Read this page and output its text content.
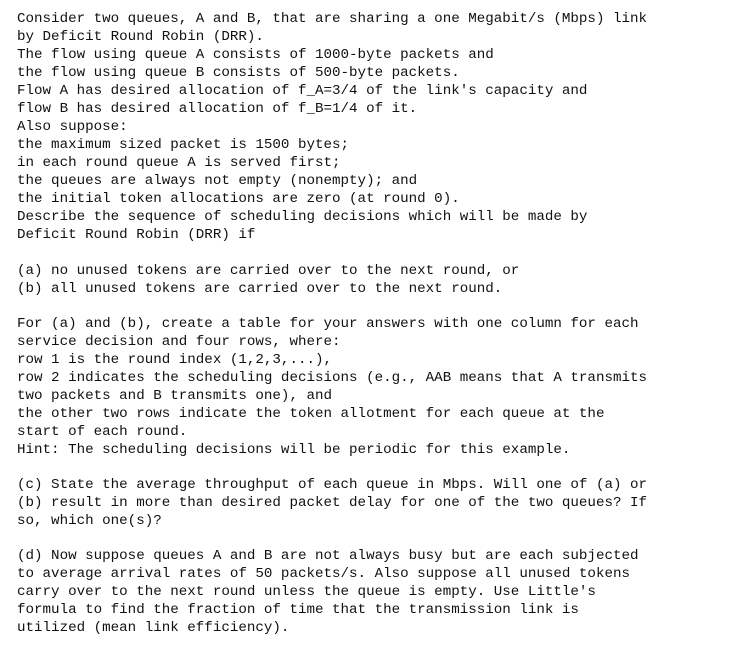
Consider two queues, A and B, that are sharing a one Megabit/s (Mbps) link
by Deficit Round Robin (DRR).
The flow using queue A consists of 1000-byte packets and
the flow using queue B consists of 500-byte packets.
Flow A has desired allocation of f_A=3/4 of the link's capacity and
flow B has desired allocation of f_B=1/4 of it.
Also suppose:
the maximum sized packet is 1500 bytes;
in each round queue A is served first;
the queues are always not empty (nonempty); and
the initial token allocations are zero (at round 0).
Describe the sequence of scheduling decisions which will be made by
Deficit Round Robin (DRR) if
(a) no unused tokens are carried over to the next round, or
(b) all unused tokens are carried over to the next round.
For (a) and (b), create a table for your answers with one column for each
service decision and four rows, where:
row 1 is the round index (1,2,3,...),
row 2 indicates the scheduling decisions (e.g., AAB means that A transmits
two packets and B transmits one), and
the other two rows indicate the token allotment for each queue at the
start of each round.
Hint: The scheduling decisions will be periodic for this example.
(c) State the average throughput of each queue in Mbps. Will one of (a) or
(b) result in more than desired packet delay for one of the two queues? If
so, which one(s)?
(d) Now suppose queues A and B are not always busy but are each subjected
to average arrival rates of 50 packets/s. Also suppose all unused tokens
carry over to the next round unless the queue is empty. Use Little's
formula to find the fraction of time that the transmission link is
utilized (mean link efficiency).
